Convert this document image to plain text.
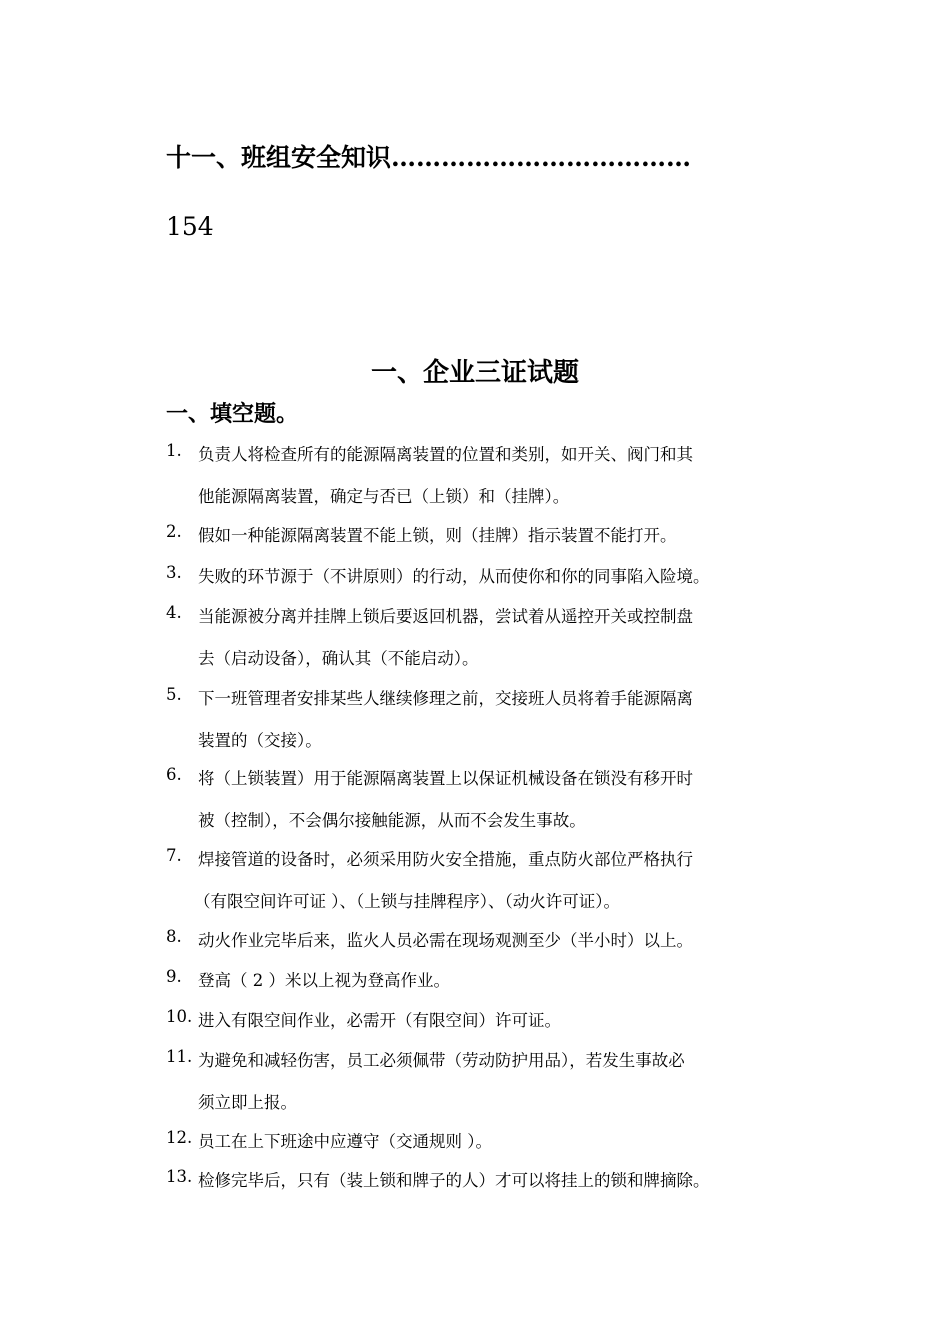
十一、班组安全知识………………………………
154
一、企业三证试题
一、填空题。
1. 负责人将检查所有的能源隔离装置的位置和类别，如开关、阀门和其
他能源隔离装置，确定与否已（上锁）和（挂牌）。
2. 假如一种能源隔离装置不能上锁，则（挂牌）指示装置不能打开。
3. 失败的环节源于（不讲原则）的行动，从而使你和你的同事陷入险境。
4. 当能源被分离并挂牌上锁后要返回机器，尝试着从遥控开关或控制盘
去（启动设备），确认其（不能启动）。
5. 下一班管理者安排某些人继续修理之前，交接班人员将着手能源隔离
装置的（交接）。
6. 将（上锁装置）用于能源隔离装置上以保证机械设备在锁没有移开时
被（控制），不会偶尔接触能源，从而不会发生事故。
7. 焊接管道的设备时，必须采用防火安全措施，重点防火部位严格执行
（有限空间许可证 ）、（上锁与挂牌程序）、（动火许可证）。
8. 动火作业完毕后来，监火人员必需在现场观测至少（半小时）以上。
9. 登高（ 2 ）米以上视为登高作业。
10. 进入有限空间作业，必需开（有限空间）许可证。
11. 为避免和减轻伤害，员工必须佩带（劳动防护用品），若发生事故必
须立即上报。
12. 员工在上下班途中应遵守（交通规则 ）。
13. 检修完毕后，只有（装上锁和牌子的人）才可以将挂上的锁和牌摘除。
